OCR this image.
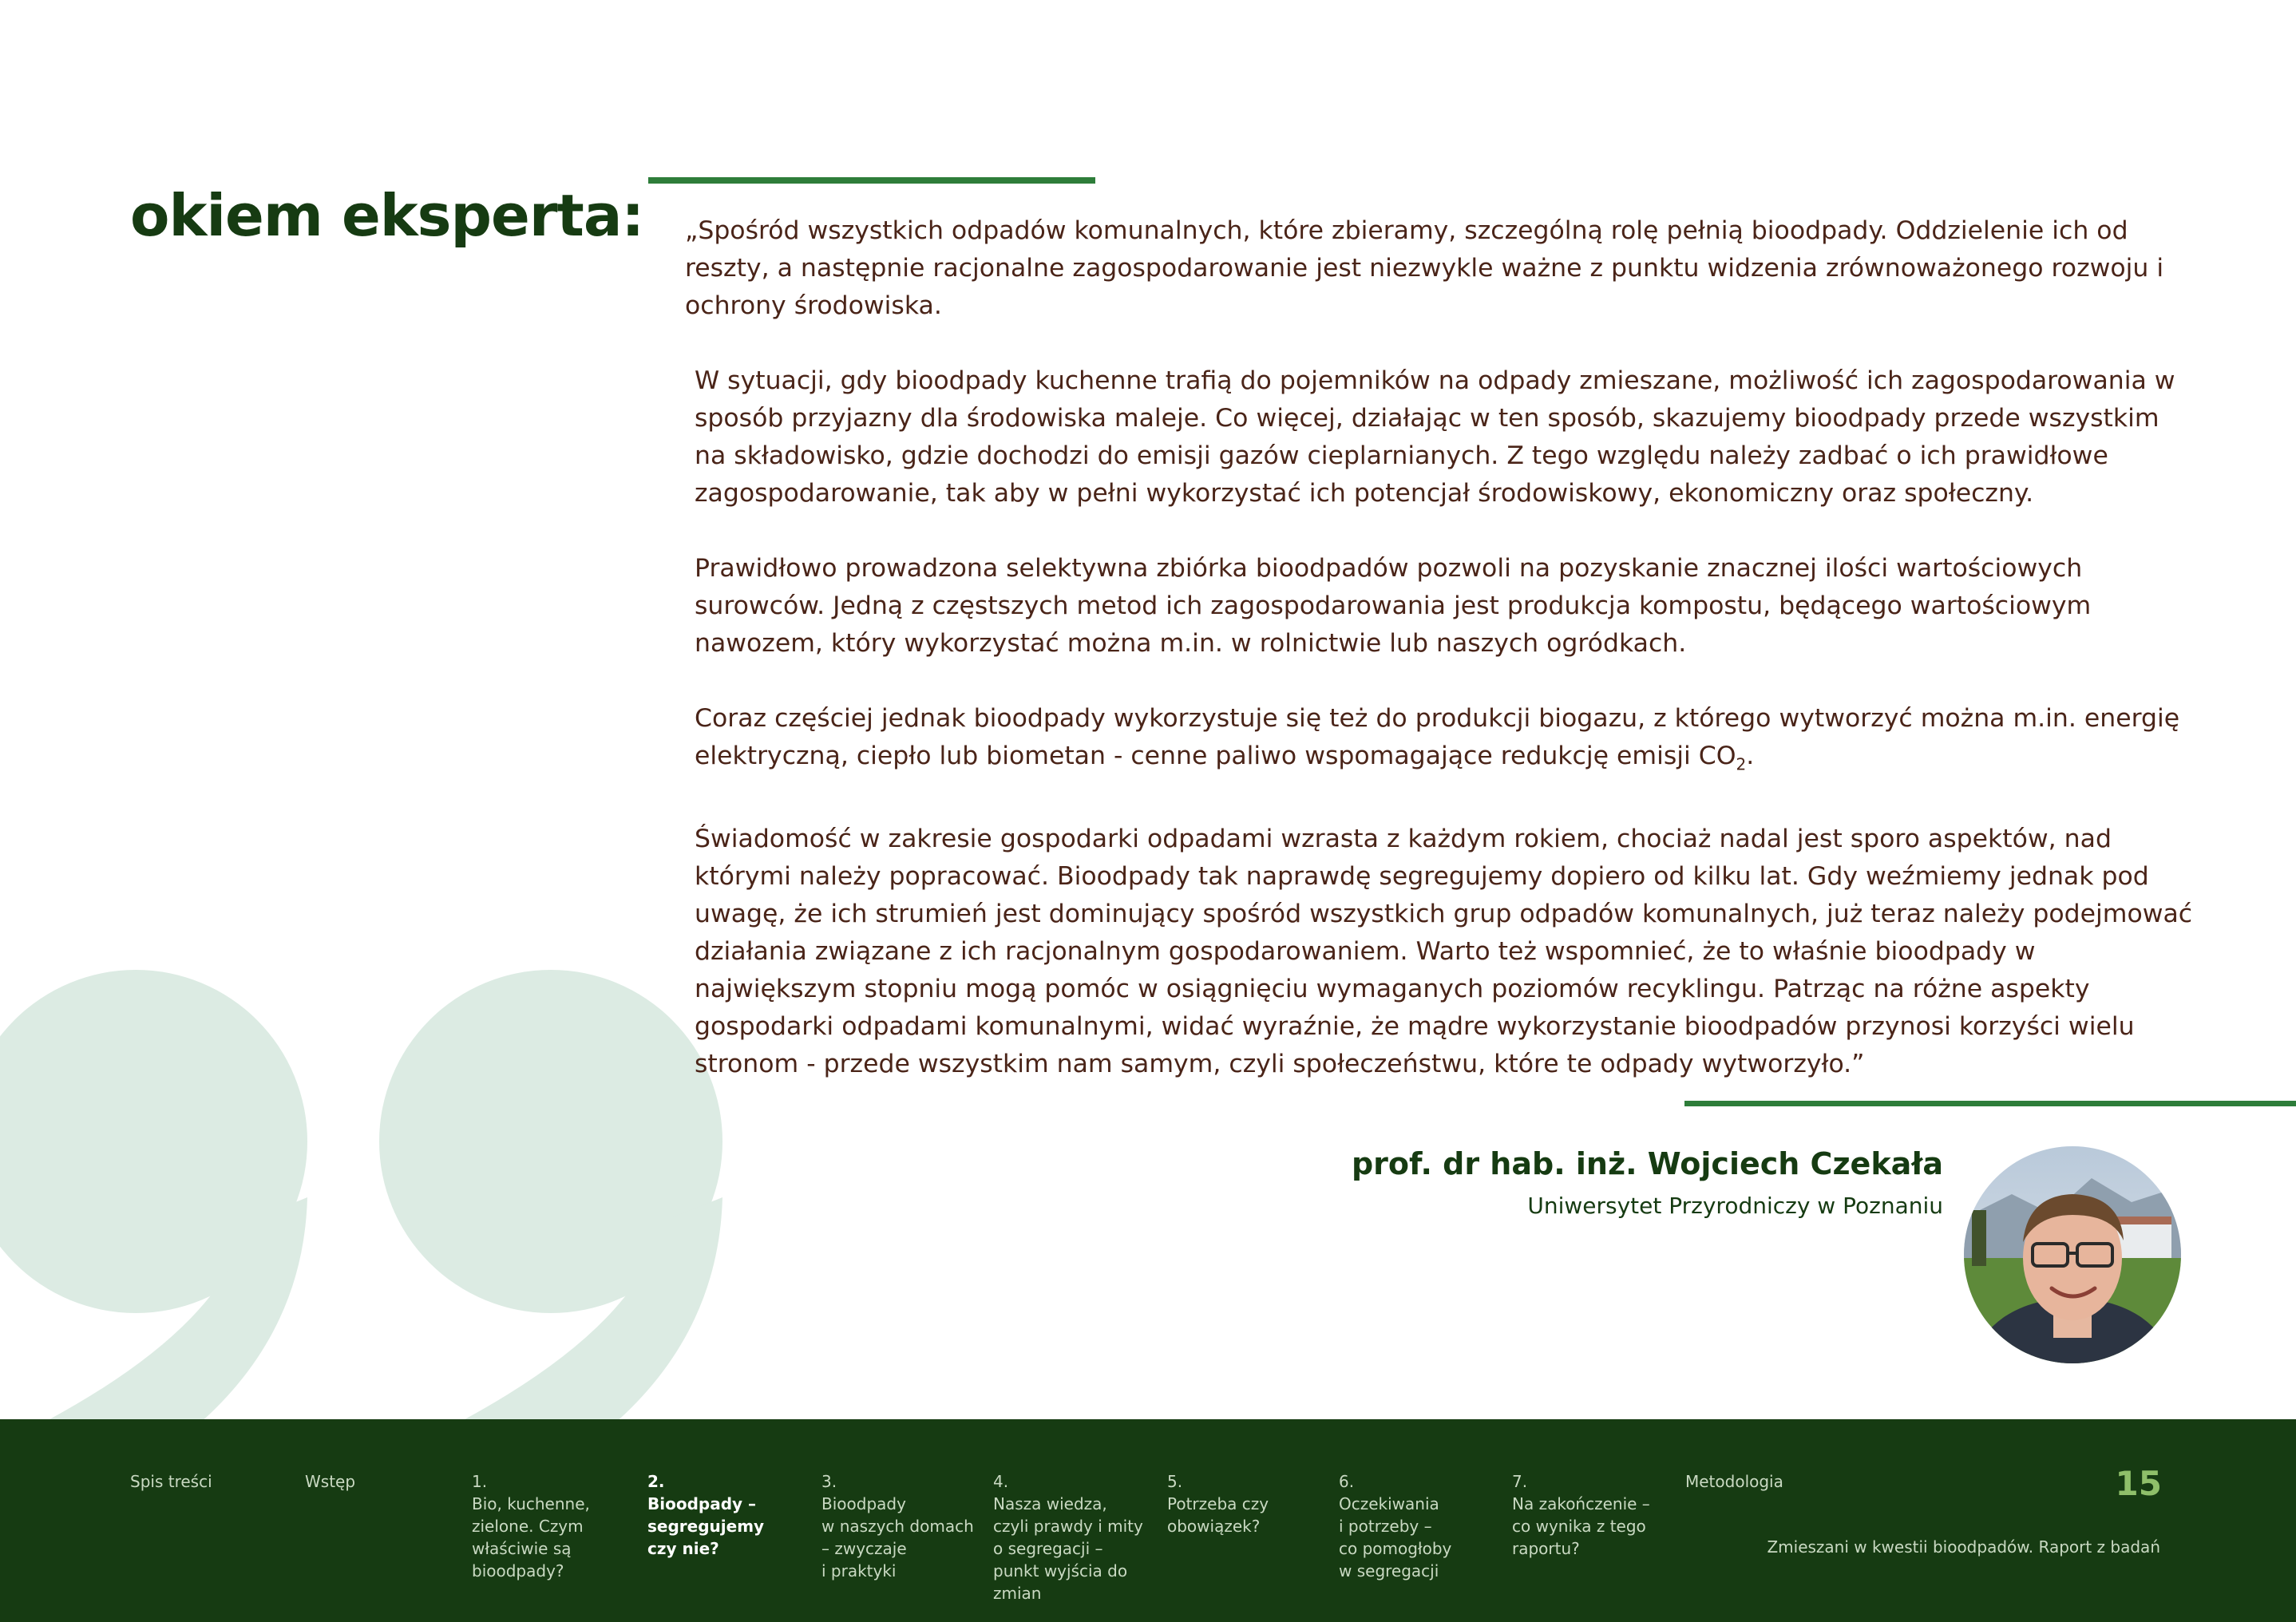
okiem eksperta:	„Spośród wszystkich odpadów komunalnych, które zbieramy, szczególną rolę pełnią bioodpady. Oddzielenie ich od reszty, a następnie racjonalne zagospodarowanie jest niezwykle ważne z punktu widzenia zrównoważonego rozwoju i ochrony środowiska.

W sytuacji, gdy bioodpady kuchenne trafią do pojemników na odpady zmieszane, możliwość ich zagospodarowania w sposób przyjazny dla środowiska maleje. Co więcej, działając w ten sposób, skazujemy bioodpady przede wszystkim na składowisko, gdzie dochodzi do emisji gazów cieplarnianych. Z tego względu należy zadbać o ich prawidłowe zagospodarowanie, tak aby w pełni wykorzystać ich potencjał środowiskowy, ekonomiczny oraz społeczny.

Prawidłowo prowadzona selektywna zbiórka bioodpadów pozwoli na pozyskanie znacznej ilości wartościowych surowców. Jedną z częstszych metod ich zagospodarowania jest produkcja kompostu, będącego wartościowym nawozem, który wykorzystać można m.in. w rolnictwie lub naszych ogródkach.

Coraz częściej jednak bioodpady wykorzystuje się też do produkcji biogazu, z którego wytworzyć można m.in. energię elektryczną, ciepło lub biometan - cenne paliwo wspomagające redukcję emisji $CO_2$.

Świadomość w zakresie gospodarki odpadami wzrasta z każdym rokiem, chociaż nadal jest sporo aspektów, nad którymi należy popracować. Bioodpady tak naprawdę segregujemy dopiero od kilku lat. Gdy weźmiemy jednak pod uwagę, że ich strumień jest dominujący spośród wszystkich grup odpadów komunalnych, już teraz należy podejmować działania związane z ich racjonalnym gospodarowaniem. Warto też wspomnieć, że to właśnie bioodpady w największym stopniu mogą pomóc w osiągnięciu wymaganych poziomów recyklingu. Patrząc na różne aspekty gospodarki odpadami komunalnymi, widać wyraźnie, że mądre wykorzystanie bioodpadów przynosi korzyści wielu stronom - przede wszystkim nam samym, czyli społeczeństwu, które te odpady wytworzyło.”

prof. dr hab. inż. Wojciech Czekała
Uniwersytet Przyrodniczy w Poznaniu
Spis treści	Wstęp	1.
Bio, kuchenne,
zielone. Czym
właściwie są
bioodpady?
2.
Bioodpady –
segregujemy
czy nie?
3.
Bioodpady
w naszych domach
– zwyczaje
i praktyki
4.
Nasza wiedza,
czyli prawdy i mity
o segregacji –
punkt wyjścia do
zmian
5.
Potrzeba czy
obowiązek?
6.
Oczekiwania
i potrzeby –
co pomogłoby
w segregacji
7.
Na zakończenie –
co wynika z tego
raportu?
Metodologia	15
Zmieszani w kwestii bioodpadów. Raport z badań
